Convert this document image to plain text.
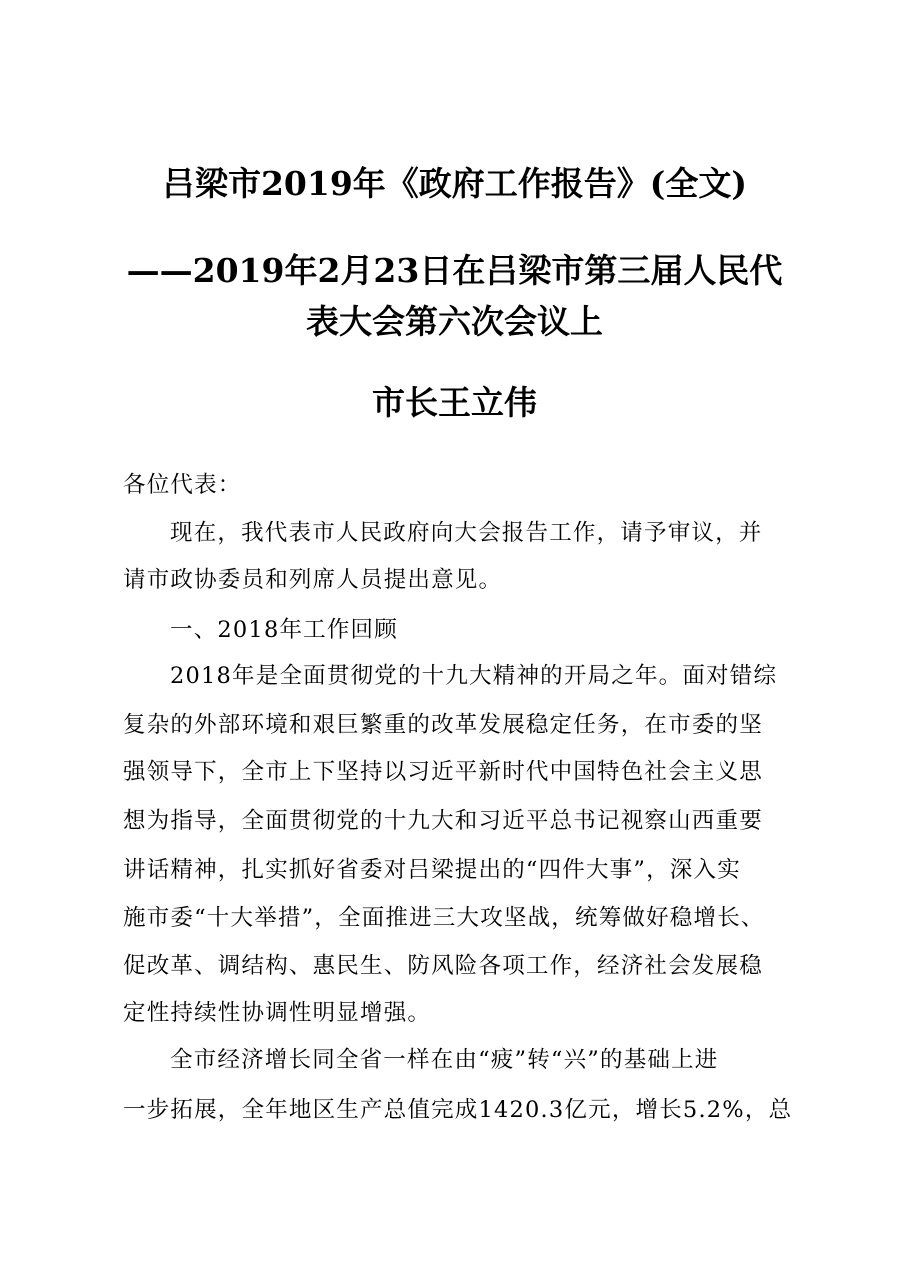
吕梁市2019年《政府工作报告》(全文)
——2019年2月23日在吕梁市第三届人民代
表大会第六次会议上
市长王立伟
各位代表：
现在，我代表市人民政府向大会报告工作，请予审议，并
请市政协委员和列席人员提出意见。
一、2018年工作回顾
2018年是全面贯彻党的十九大精神的开局之年。面对错综
复杂的外部环境和艰巨繁重的改革发展稳定任务，在市委的坚
强领导下，全市上下坚持以习近平新时代中国特色社会主义思
想为指导，全面贯彻党的十九大和习近平总书记视察山西重要
讲话精神，扎实抓好省委对吕梁提出的“四件大事”，深入实
施市委“十大举措”，全面推进三大攻坚战，统筹做好稳增长、
促改革、调结构、惠民生、防风险各项工作，经济社会发展稳
定性持续性协调性明显增强。
全市经济增长同全省一样在由“疲”转“兴”的基础上进
一步拓展，全年地区生产总值完成1420.3亿元，增长5.2%，总
